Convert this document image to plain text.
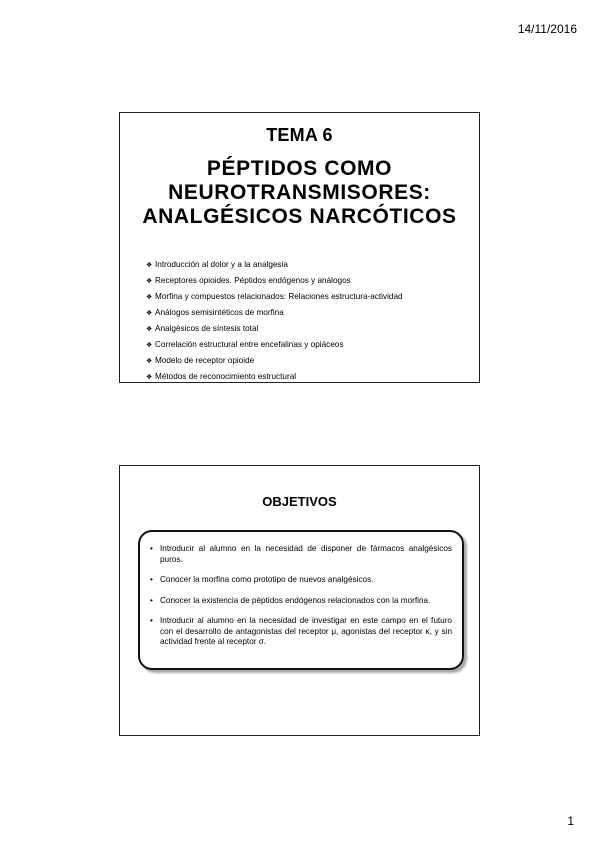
14/11/2016
TEMA 6
PÉPTIDOS COMO
NEUROTRANSMISORES:
ANALGÉSICOS NARCÓTICOS
❖ Introducción al dolor y a la analgesia
❖ Receptores opioides. Péptidos endógenos y análogos
❖ Morfina y compuestos relacionados: Relaciones estructura-actividad
❖ Análogos semisintéticos de morfina
❖ Analgésicos de síntesis total
❖ Correlación estructural entre encefalinas y opiáceos
❖ Modelo de receptor opioide
❖ Métodos de reconocimiento estructural
OBJETIVOS
• Introducir al alumno en la necesidad de disponer de fármacos analgésicos puros.
• Conocer la morfina como prototipo de nuevos analgésicos.
• Conocer la existencia de péptidos endógenos relacionados con la morfina.
• Introducir al alumno en la necesidad de investigar en este campo en el futuro con el desarrollo de antagonistas del receptor μ, agonistas del receptor κ, y sin actividad frente al receptor σ.
1
